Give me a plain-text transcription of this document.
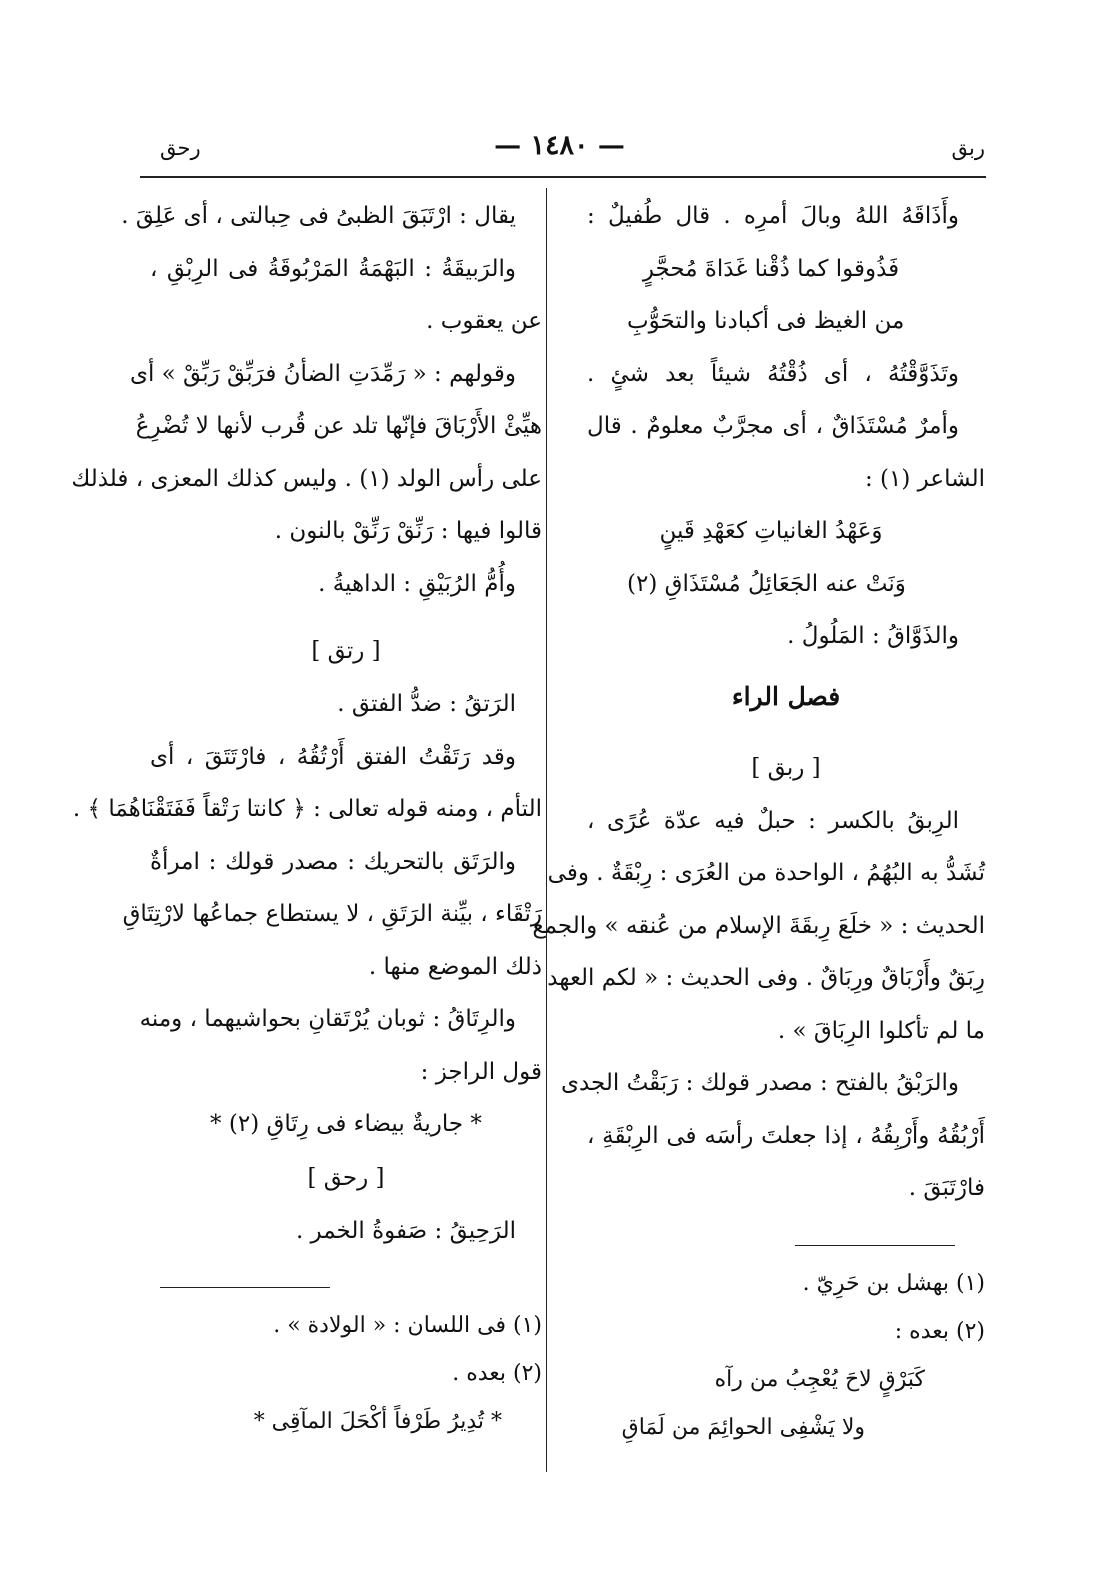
ربق
— ١٤٨٠ —
رحق

وأَذَاقَهُ اللهُ وبالَ أمرِه . قال طُفيلٌ :

فَذُوقوا كما ذُقْنا غَدَاةَ مُحجَّرٍ

من الغيظ فى أكبادنا والتحَوُّبِ

وتَذَوَّقْتُهُ ، أى ذُقْتُهُ شيئاً بعد شئٍ .

وأمرٌ مُسْتَذَاقٌ ، أى مجرَّبٌ معلومٌ . قال

الشاعر (١) :

وَعَهْدُ الغانياتِ كعَهْدِ قَينٍ

وَنَتْ عنه الجَعَائِلُ مُسْتَذَاقِ (٢)

والذَوَّاقُ : المَلُولُ .

فصل الراء

[ ربق ]

الرِبقُ بالكسر : حبلٌ فيه عدّة عُرًى ،

تُشَدُّ به البُهُمُ ، الواحدة من العُرَى : رِبْقَةٌ . وفى

الحديث : « خلَعَ رِبقَةَ الإسلام من عُنقه » والجمع

رِبَقٌ وأَرْبَاقٌ ورِبَاقٌ . وفى الحديث : « لكم العهد

ما لم تأكلوا الرِبَاقَ » .

والرَبْقُ بالفتح : مصدر قولك : رَبَقْتُ الجدى

أَرْبُقُهُ وأَرْبِقُهُ ، إذا جعلتَ رأسَه فى الرِبْقَةِ ،

فارْتَبَقَ .

(١) بهشل بن حَرِيّ .

(٢) بعده :

كَبَرْقٍ لاحَ يُعْجِبُ من رآه

ولا يَشْفِى الحوائِمَ من لَمَاقِ

يقال : ارْتَبَقَ الظبىُ فى حِبالتى ، أى عَلِقَ .

والرَبيقَةُ : البَهْمَةُ المَرْبُوقَةُ فى الرِبْقِ ،

عن يعقوب .

وقولهم : « رَمِّدَتِ الضأنُ فرَبِّقْ رَبِّقْ » أى

هيِّئْ الأَرْبَاقَ فإنّها تلد عن قُرب لأنها لا تُضْرِعُ

على رأس الولد (١) . وليس كذلك المعزى ، فلذلك

قالوا فيها : رَنِّقْ رَنِّقْ بالنون .

وأُمُّ الرُبَيْقِ : الداهيةُ .

[ رتق ]

الرَتقُ : ضدُّ الفتق .

وقد رَتَقْتُ الفتق أَرْتُقُهُ ، فارْتَتَقَ ، أى

التأم ، ومنه قوله تعالى : ﴿ كانتا رَتْقاً فَفَتَقْنَاهُمَا ﴾ .

والرَتَق بالتحريك : مصدر قولك : امرأةٌ

رَتْقَاء ، بيِّنة الرَتَقِ ، لا يستطاع جماعُها لارْتِتَاقِ

ذلك الموضع منها .

والرِتَاقُ : ثوبان يُرْتَقانِ بحواشيهما ، ومنه

قول الراجز :

* جاريةٌ بيضاء فى رِتَاقِ (٢) *

[ رحق ]

الرَحِيقُ : صَفوةُ الخمر .

(١) فى اللسان : « الولادة » .

(٢) بعده .

* تُدِيرُ طَرْفاً أكْحَلَ المآقِى *
